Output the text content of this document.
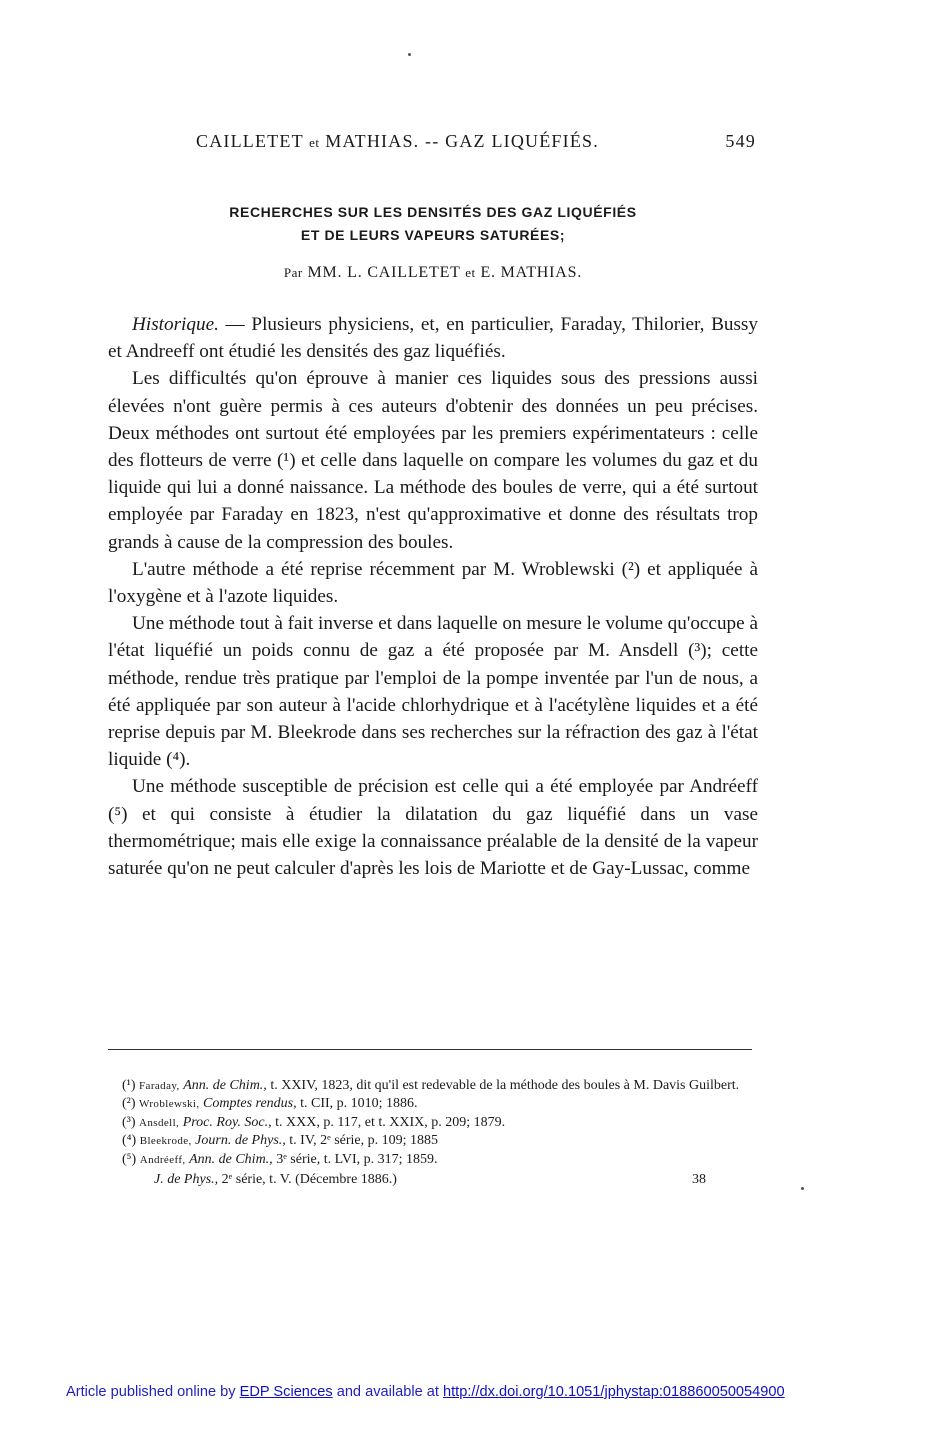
CAILLETET et MATHIAS. -- GAZ LIQUÉFIÉS.	549
RECHERCHES SUR LES DENSITÉS DES GAZ LIQUÉFIÉS
ET DE LEURS VAPEURS SATURÉES;
Par MM. L. CAILLETET et E. MATHIAS.

Historique. — Plusieurs physiciens, et, en particulier, Faraday, Thilorier, Bussy et Andreeff ont étudié les densités des gaz liquéfiés.

Les difficultés qu'on éprouve à manier ces liquides sous des pressions aussi élevées n'ont guère permis à ces auteurs d'obtenir des données un peu précises. Deux méthodes ont surtout été employées par les premiers expérimentateurs : celle des flotteurs de verre (¹) et celle dans laquelle on compare les volumes du gaz et du liquide qui lui a donné naissance. La méthode des boules de verre, qui a été surtout employée par Faraday en 1823, n'est qu'approximative et donne des résultats trop grands à cause de la compression des boules.

L'autre méthode a été reprise récemment par M. Wroblewski (²) et appliquée à l'oxygène et à l'azote liquides.

Une méthode tout à fait inverse et dans laquelle on mesure le volume qu'occupe à l'état liquéfié un poids connu de gaz a été proposée par M. Ansdell (³); cette méthode, rendue très pratique par l'emploi de la pompe inventée par l'un de nous, a été appliquée par son auteur à l'acide chlorhydrique et à l'acétylène liquides et a été reprise depuis par M. Bleekrode dans ses recherches sur la réfraction des gaz à l'état liquide (⁴).

Une méthode susceptible de précision est celle qui a été employée par Andréeff (⁵) et qui consiste à étudier la dilatation du gaz liquéfié dans un vase thermométrique; mais elle exige la connaissance préalable de la densité de la vapeur saturée qu'on ne peut calculer d'après les lois de Mariotte et de Gay-Lussac, comme

(¹) Faraday, Ann. de Chim., t. XXIV, 1823, dit qu'il est redevable de la méthode des boules à M. Davis Guilbert.

(²) Wroblewski, Comptes rendus, t. CII, p. 1010; 1886.

(³) Ansdell, Proc. Roy. Soc., t. XXX, p. 117, et t. XXIX, p. 209; 1879.

(⁴) Bleekrode, Journ. de Phys., t. IV, 2ᵉ série, p. 109; 1885

(⁵) Andréeff, Ann. de Chim., 3ᵉ série, t. LVI, p. 317; 1859.

J. de Phys., 2ᵉ série, t. V. (Décembre 1886.)	38
Article published online by EDP Sciences and available at http://dx.doi.org/10.1051/jphystap:018860050054900
